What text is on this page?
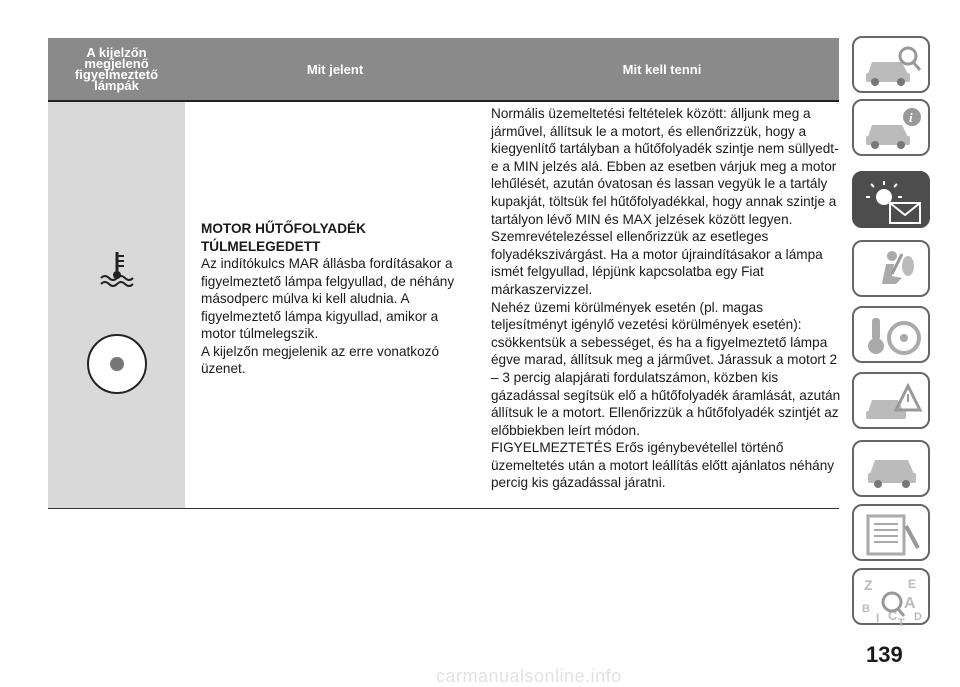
A kijelzőn
megjelenő
figyelmeztető
lámpák
Mit jelent	Mit kell tenni

MOTOR HŰTŐFOLYADÉK TÚLMELEGEDETT

Az indítókulcs MAR állásba fordításakor a figyelmeztető lámpa felgyullad, de néhány másodperc múlva ki kell aludnia. A figyelmeztető lámpa kigyullad, amikor a motor túlmelegszik.

A kijelzőn megjelenik az erre vonatkozó üzenet.

Normális üzemeltetési feltételek között: álljunk meg a járművel, állítsuk le a motort, és ellenőrizzük, hogy a kiegyenlítő tartályban a hűtőfolyadék szintje nem süllyedt-e a MIN jelzés alá. Ebben az esetben várjuk meg a motor lehűlését, azután óvatosan és lassan vegyük le a tartály kupakját, töltsük fel hűtőfolyadékkal, hogy annak szintje a tartályon lévő MIN és MAX jelzések között legyen. Szemrevételezéssel ellenőrizzük az esetleges folyadékszivárgást. Ha a motor újraindításakor a lámpa ismét felgyullad, lépjünk kapcsolatba egy Fiat márkaszervizzel.

Nehéz üzemi körülmények esetén (pl. magas teljesítményt igénylő vezetési körülmények esetén): csökkentsük a sebességet, és ha a figyelmeztető lámpa égve marad, állítsuk meg a járművet. Járassuk a motort 2 – 3 percig alapjárati fordulatszámon, közben kis gázadással segítsük elő a hűtőfolyadék áramlását, azután állítsuk le a motort. Ellenőrizzük a hűtőfolyadék szintjét az előbbiekben leírt módon.

FIGYELMEZTETÉS Erős igénybevétellel történő üzemeltetés után a motort leállítás előtt ajánlatos néhány percig kis gázadással járatni.

i
Z	E
B A
I C T D
139
carmanualsonline.info
